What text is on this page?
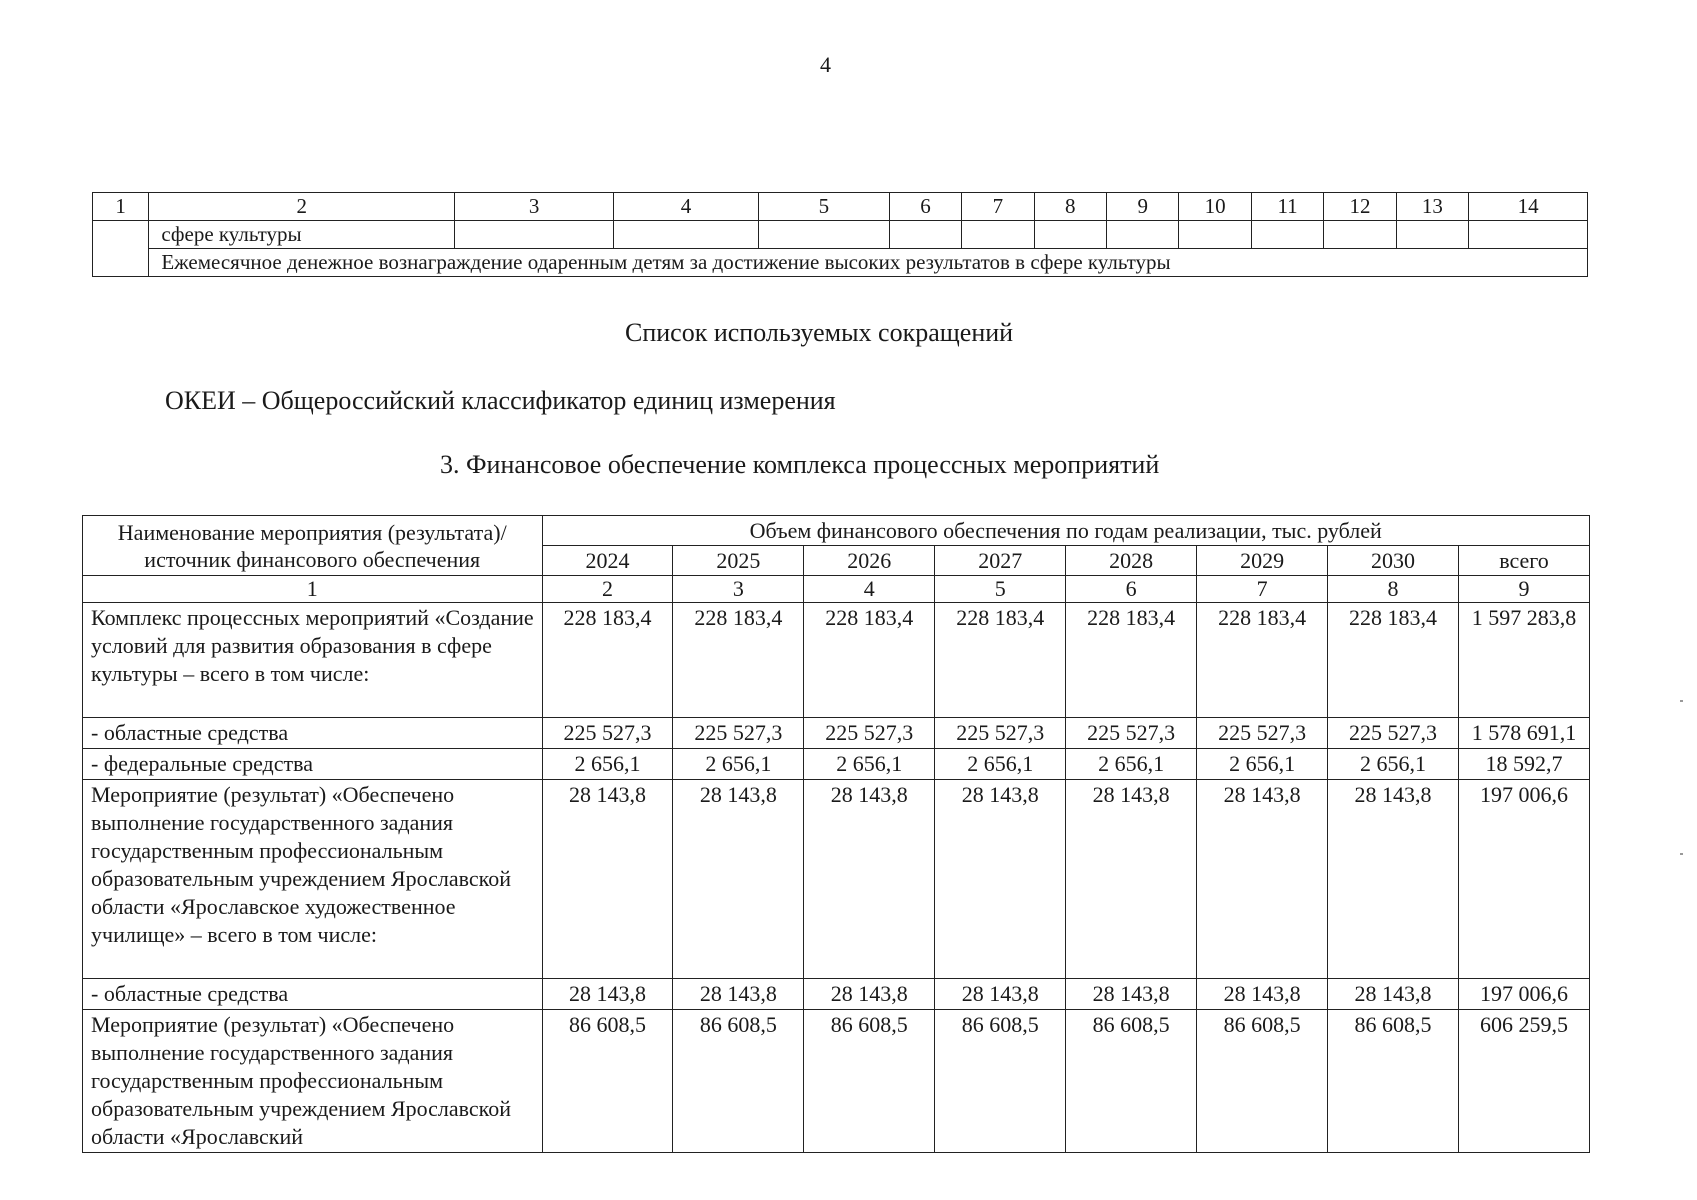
4
1	2	3	4	5	6	7	8	9	10	11	12	13	14
	сфере культуры												
	Ежемесячное денежное вознаграждение одаренным детям за достижение высоких результатов в сфере культуры												
Список используемых сокращений
ОКЕИ – Общероссийский классификатор единиц измерения
3. Финансовое обеспечение комплекса процессных мероприятий
Наименование мероприятия (результата)/ источник финансового обеспечения	Объем финансового обеспечения по годам реализации, тыс. рублей							
	2024	2025	2026	2027	2028	2029	2030	всего
1	2	3	4	5	6	7	8	9
Комплекс процессных мероприятий «Создание условий для развития образования в сфере культуры – всего в том числе:	228 183,4	228 183,4	228 183,4	228 183,4	228 183,4	228 183,4	228 183,4	1 597 283,8
- областные средства	225 527,3	225 527,3	225 527,3	225 527,3	225 527,3	225 527,3	225 527,3	1 578 691,1
- федеральные средства	2 656,1	2 656,1	2 656,1	2 656,1	2 656,1	2 656,1	2 656,1	18 592,7
Мероприятие (результат) «Обеспечено выполнение государственного задания государственным профессиональным образовательным учреждением Ярославской области «Ярославское художественное училище» – всего в том числе:	28 143,8	28 143,8	28 143,8	28 143,8	28 143,8	28 143,8	28 143,8	197 006,6
- областные средства	28 143,8	28 143,8	28 143,8	28 143,8	28 143,8	28 143,8	28 143,8	197 006,6
Мероприятие (результат) «Обеспечено выполнение государственного задания государственным профессиональным образовательным учреждением Ярославской области «Ярославский	86 608,5	86 608,5	86 608,5	86 608,5	86 608,5	86 608,5	86 608,5	606 259,5
